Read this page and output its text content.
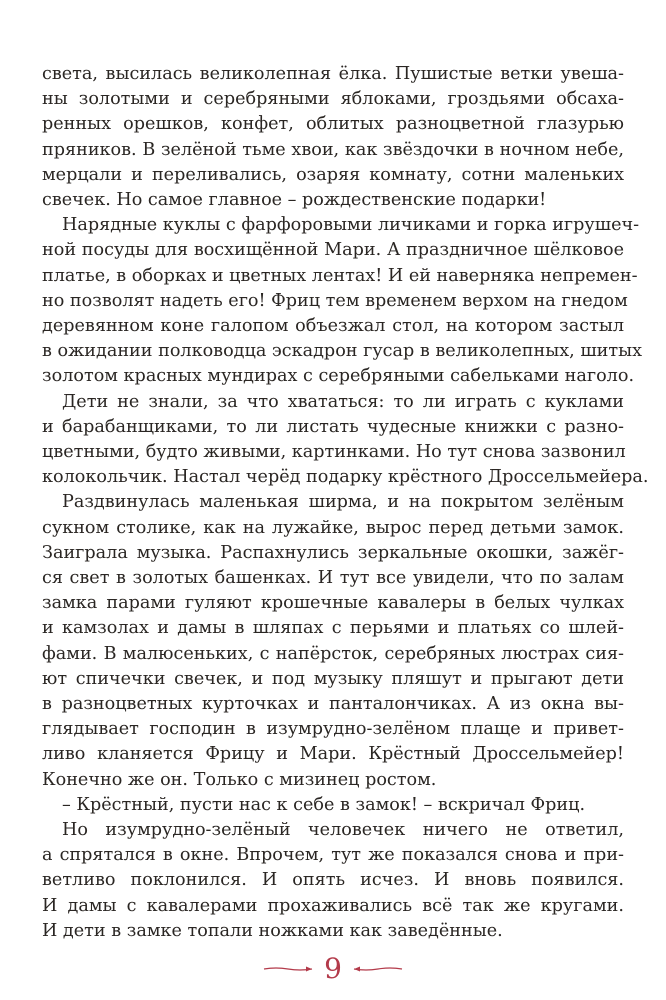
света, высилась великолепная ёлка. Пушистые ветки увеша-
ны золотыми и серебряными яблоками, гроздьями обсаха-
ренных орешков, конфет, облитых разноцветной глазурью
пряников. В зелёной тьме хвои, как звёздочки в ночном небе,
мерцали и переливались, озаряя комнату, сотни маленьких
свечек. Но самое главное – рождественские подарки!
Нарядные куклы с фарфоровыми личиками и горка игрушеч-
ной посуды для восхищённой Мари. А праздничное шёлковое
платье, в оборках и цветных лентах! И ей наверняка непремен-
но позволят надеть его! Фриц тем временем верхом на гнедом
деревянном коне галопом объезжал стол, на котором застыл
в ожидании полководца эскадрон гусар в великолепных, шитых
золотом красных мундирах с серебряными сабельками наголо.
Дети не знали, за что хвататься: то ли играть с куклами
и барабанщиками, то ли листать чудесные книжки с разно-
цветными, будто живыми, картинками. Но тут снова зазвонил
колокольчик. Настал черёд подарку крёстного Дроссельмейера.
Раздвинулась маленькая ширма, и на покрытом зелёным
сукном столике, как на лужайке, вырос перед детьми замок.
Заиграла музыка. Распахнулись зеркальные окошки, зажёг-
ся свет в золотых башенках. И тут все увидели, что по залам
замка парами гуляют крошечные кавалеры в белых чулках
и камзолах и дамы в шляпах с перьями и платьях со шлей-
фами. В малюсеньких, с напёрсток, серебряных люстрах сия-
ют спичечки свечек, и под музыку пляшут и прыгают дети
в разноцветных курточках и панталончиках. А из окна вы-
глядывает господин в изумрудно-зелёном плаще и привет-
ливо кланяется Фрицу и Мари. Крёстный Дроссельмейер!
Конечно же он. Только с мизинец ростом.
– Крёстный, пусти нас к себе в замок! – вскричал Фриц.
Но изумрудно-зелёный человечек ничего не ответил,
а спрятался в окне. Впрочем, тут же показался снова и при-
ветливо поклонился. И опять исчез. И вновь появился.
И дамы с кавалерами прохаживались всё так же кругами.
И дети в замке топали ножками как заведённые.
9
